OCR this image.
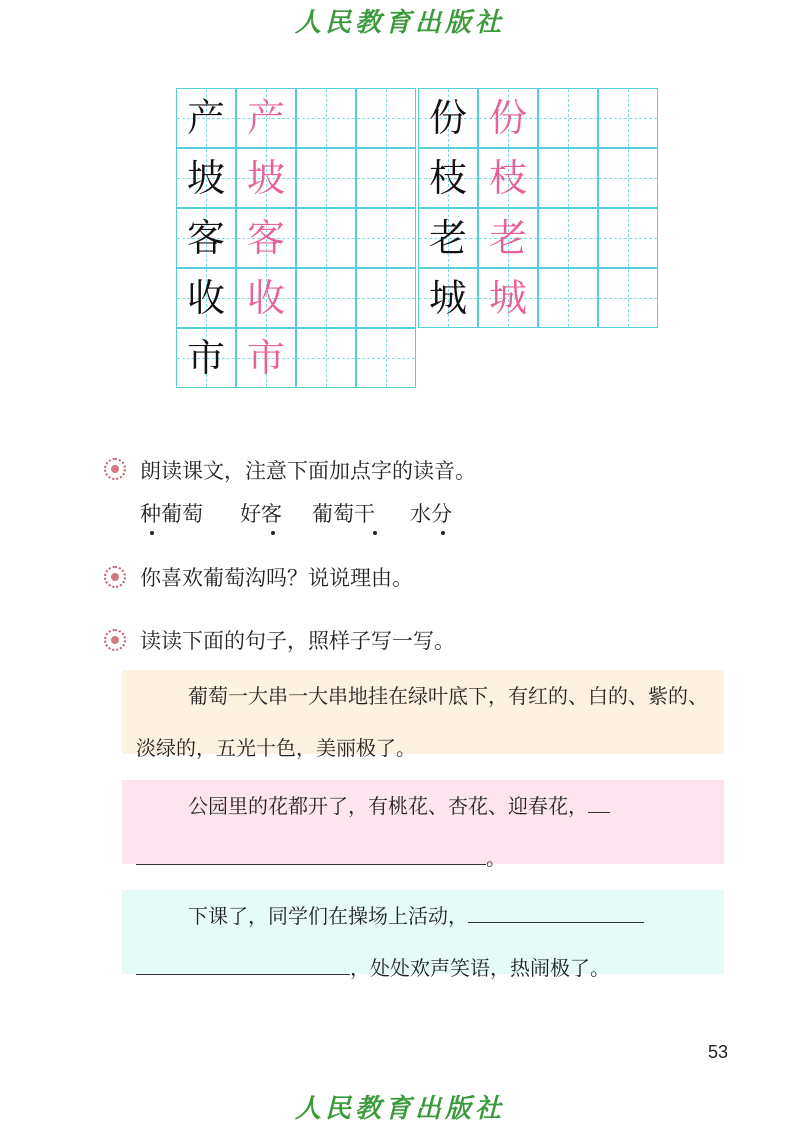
人民教育出版社
产 产
坡 坡
客 客
收 收
市 市
份 份
枝 枝
老 老
城 城
朗读课文，注意下面加点字的读音。
种葡萄 好客 葡萄干 水分
你喜欢葡萄沟吗？说说理由。
读读下面的句子，照样子写一写。

葡萄一大串一大串地挂在绿叶底下，有红的、白的、紫的、淡绿的，五光十色，美丽极了。

公园里的花都开了，有桃花、杏花、迎春花，

。

下课了，同学们在操场上活动，

，处处欢声笑语，热闹极了。

53
人民教育出版社
